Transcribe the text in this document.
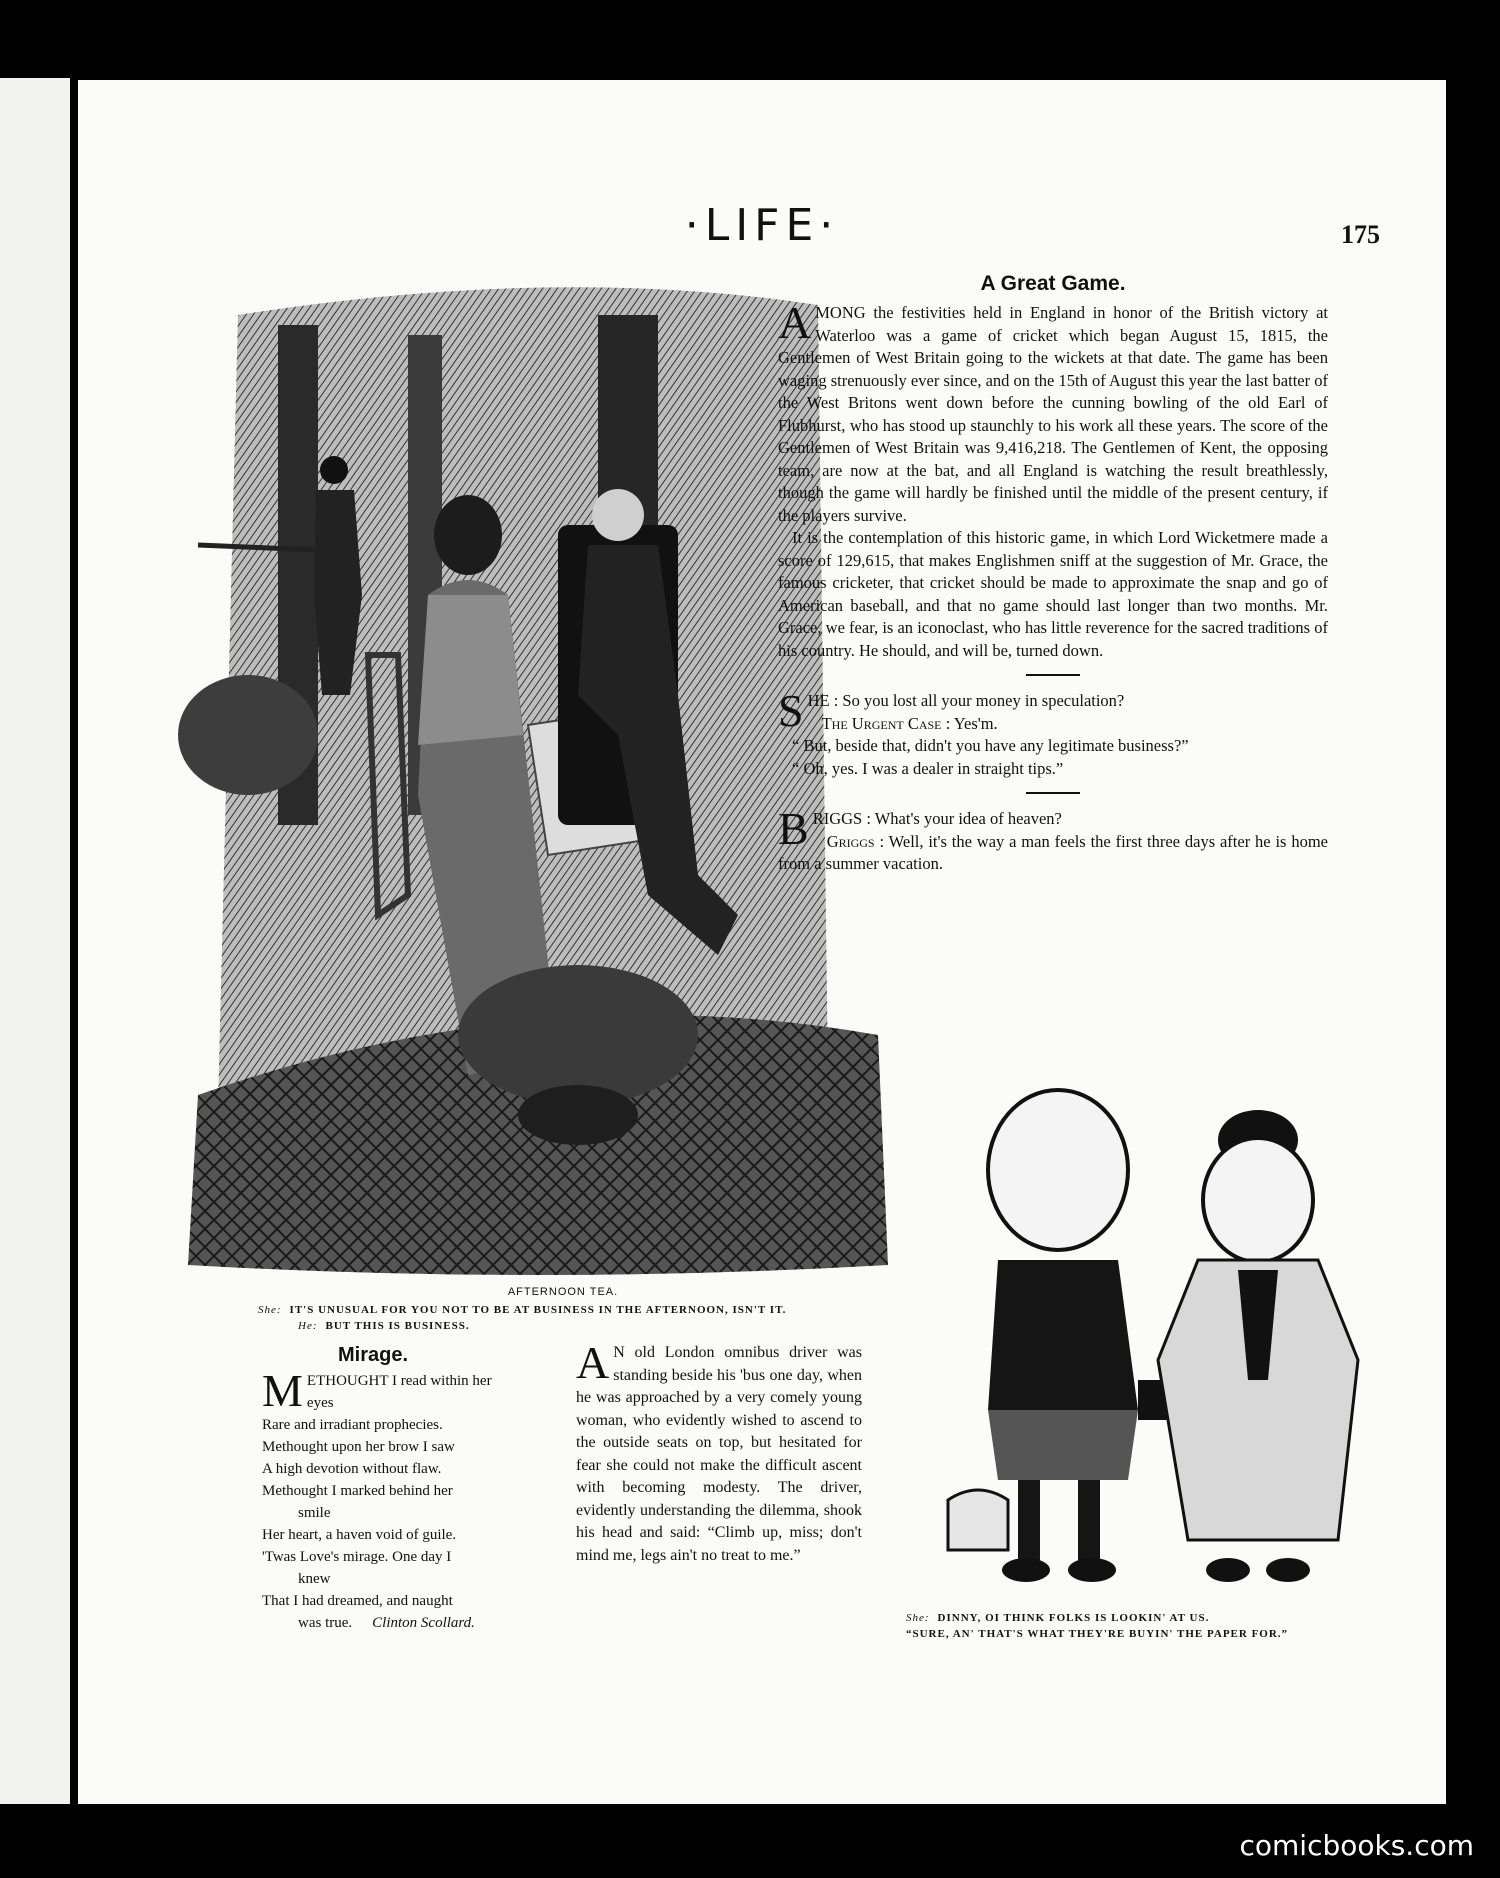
·LIFE·	175
AFTERNOON TEA.
She: IT'S UNUSUAL FOR YOU NOT TO BE AT BUSINESS IN THE AFTERNOON, ISN'T IT.
He: BUT THIS IS BUSINESS.
A Great Game.

AMONG the festivities held in England in honor of the British victory at Waterloo was a game of cricket which began August 15, 1815, the Gentlemen of West Britain going to the wickets at that date. The game has been waging strenuously ever since, and on the 15th of August this year the last batter of the West Britons went down before the cunning bowling of the old Earl of Flubhurst, who has stood up staunchly to his work all these years. The score of the Gentlemen of West Britain was 9,416,218. The Gentlemen of Kent, the opposing team, are now at the bat, and all England is watching the result breathlessly, though the game will hardly be finished until the middle of the present century, if the players survive.

It is the contemplation of this historic game, in which Lord Wicketmere made a score of 129,615, that makes Englishmen sniff at the suggestion of Mr. Grace, the famous cricketer, that cricket should be made to approximate the snap and go of American baseball, and that no game should last longer than two months. Mr. Grace, we fear, is an iconoclast, who has little reverence for the sacred traditions of his country. He should, and will be, turned down.

SHE : So you lost all your money in speculation?

The Urgent Case : Yes'm.

“ But, beside that, didn't you have any legitimate business?”

“ Oh, yes. I was a dealer in straight tips.”

BRIGGS : What's your idea of heaven?

Griggs : Well, it's the way a man feels the first three days after he is home from a summer vacation.

Mirage.
METHOUGHT I read within her
eyes
Rare and irradiant prophecies.
Methought upon her brow I saw
A high devotion without flaw.
Methought I marked behind her
smile
Her heart, a haven void of guile.
'Twas Love's mirage. One day I
knew
That I had dreamed, and naught
was true. Clinton Scollard.
A N old London omnibus driver was standing beside his 'bus one day, when he was approached by a very comely young woman, who evidently wished to ascend to the outside seats on top, but hesitated for fear she could not make the difficult ascent with becoming modesty. The driver, evidently understanding the dilemma, shook his head and said: “Climb up, miss; don't mind me, legs ain't no treat to me.”
She: DINNY, OI THINK FOLKS IS LOOKIN' AT US.
“SURE, AN' THAT'S WHAT THEY'RE BUYIN' THE PAPER FOR.”
comicbooks.com
